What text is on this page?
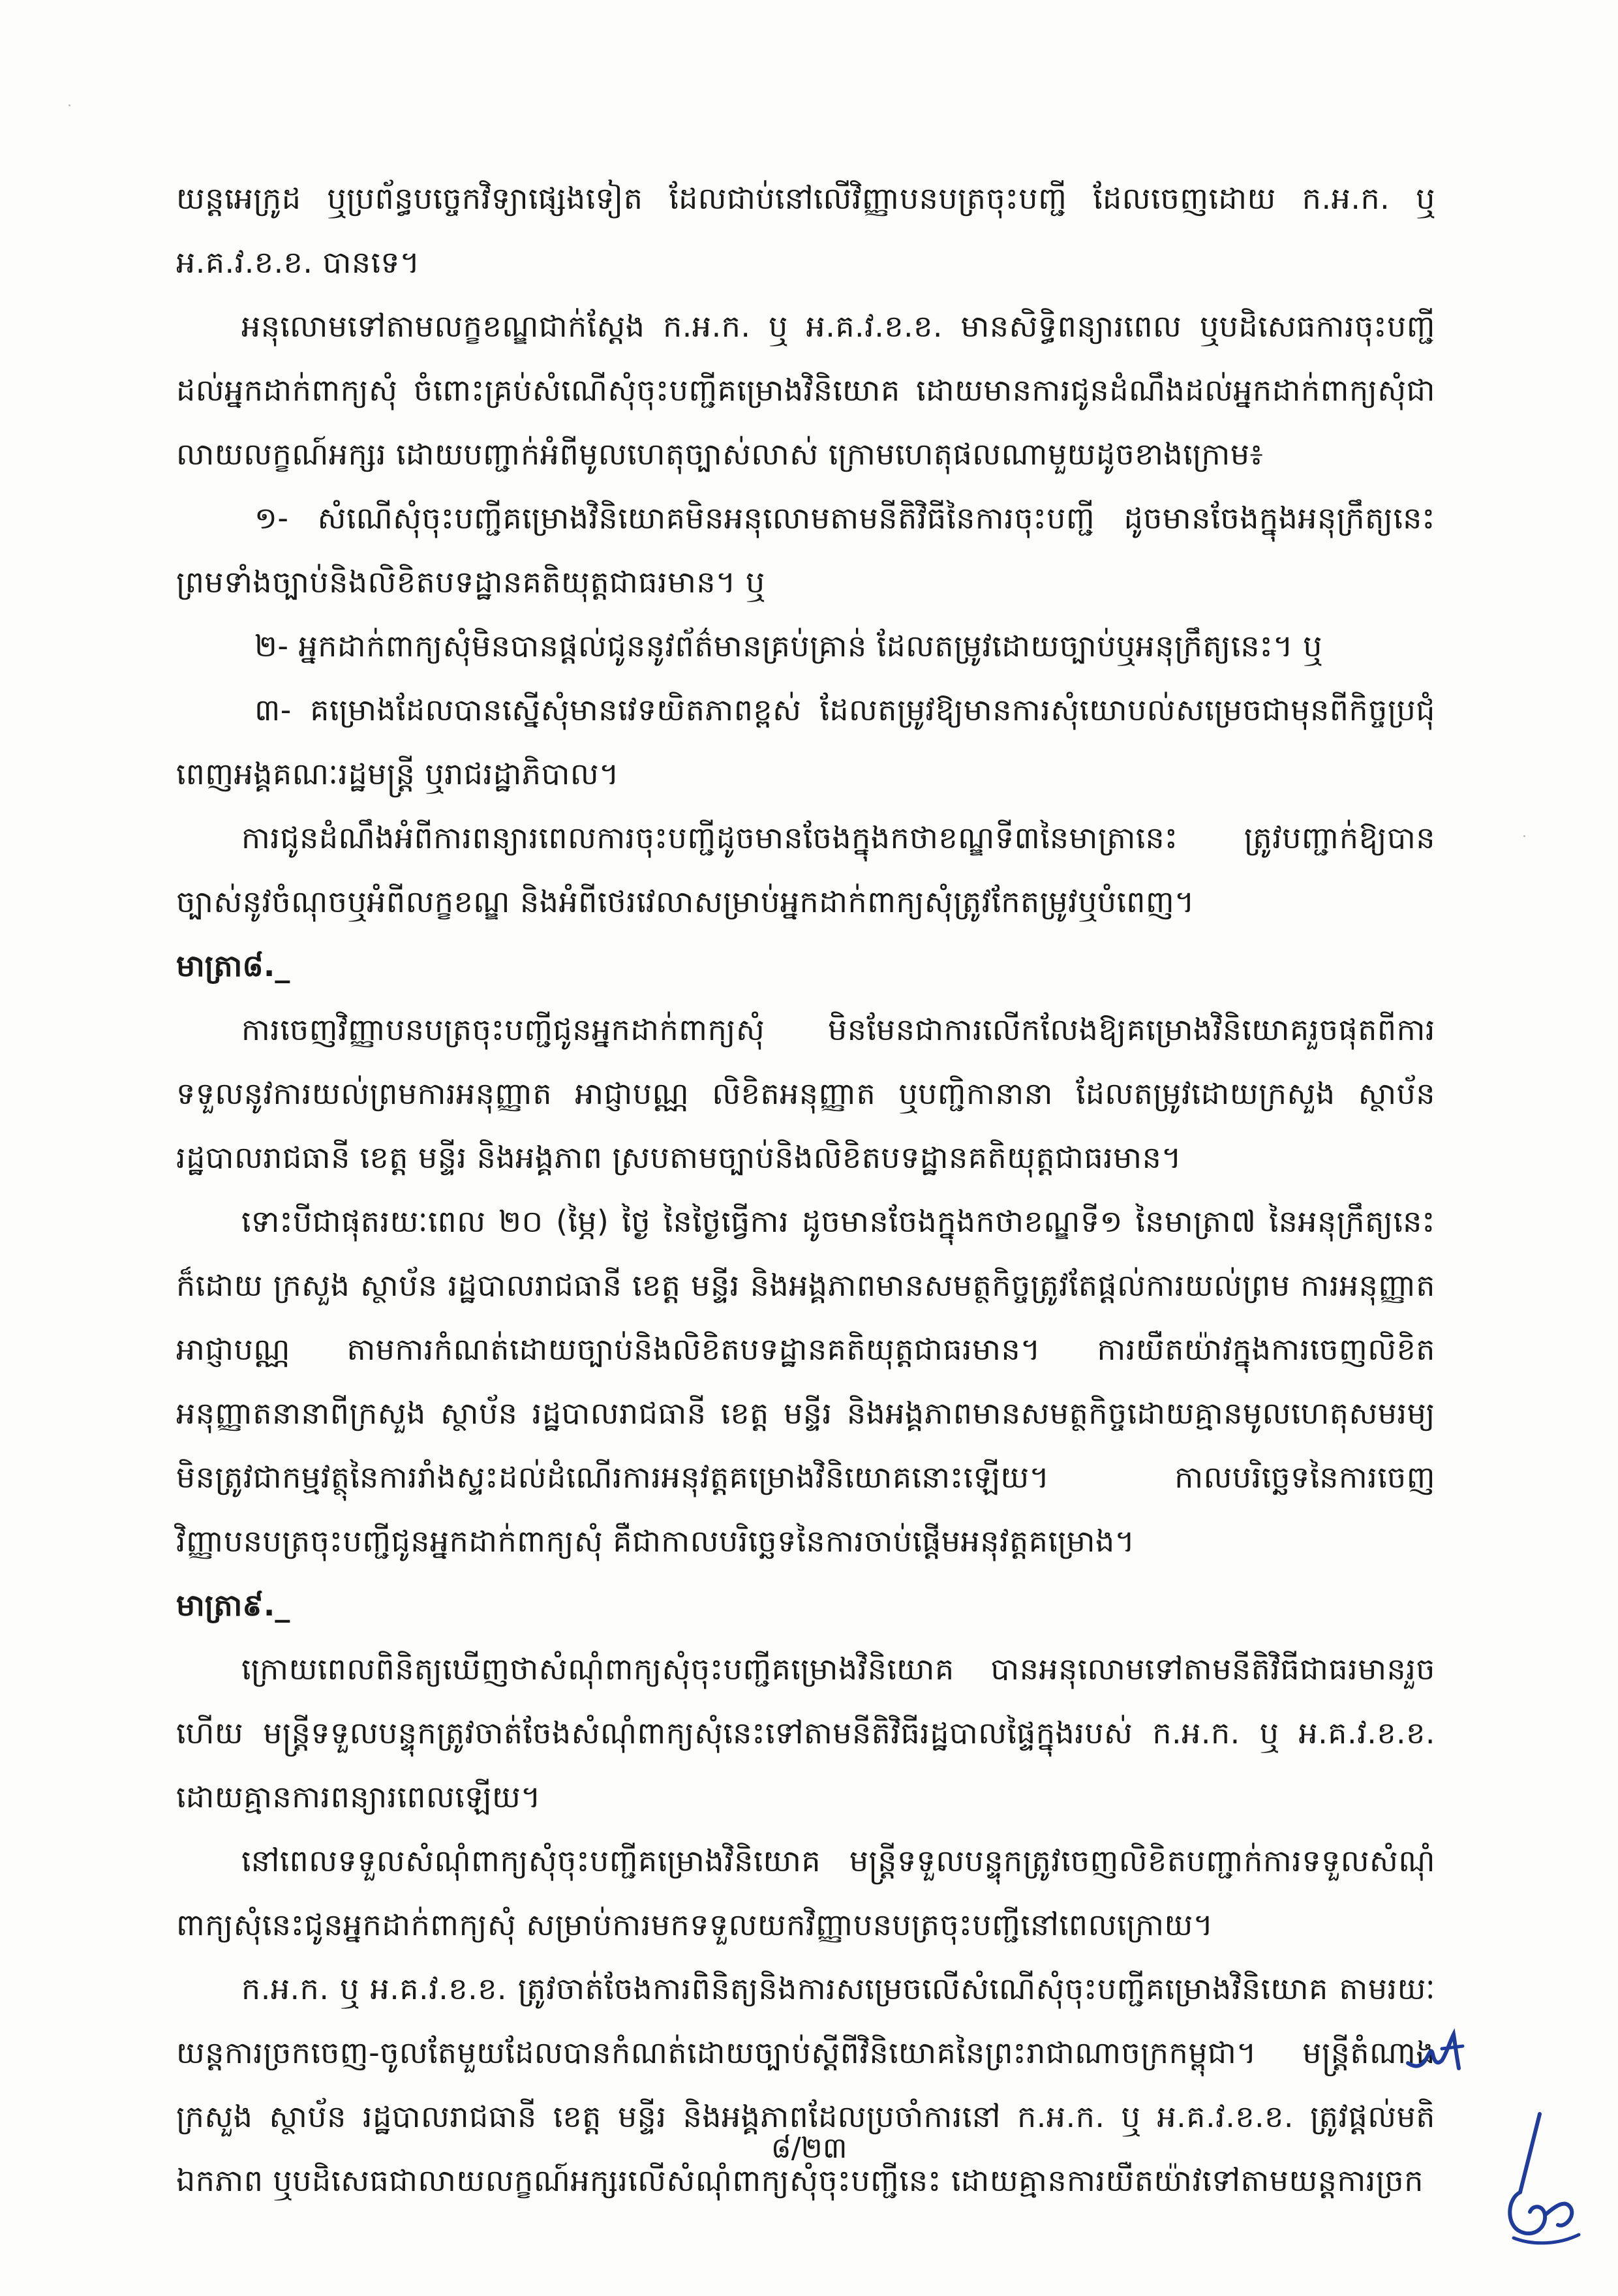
យន្តអេក្រូដ ឬប្រព័ន្ធបច្ចេកវិទ្យាផ្សេងទៀត ដែលជាប់នៅលើវិញ្ញាបនបត្រចុះបញ្ជី ដែលចេញដោយ ក.អ.ក. ឬ អ.គ.វ.ខ.ខ. បានទេ។

អនុលោមទៅតាមលក្ខខណ្ឌជាក់ស្តែង ក.អ.ក. ឬ អ.គ.វ.ខ.ខ. មានសិទ្ធិពន្យារពេល ឬបដិសេធការចុះបញ្ជី ដល់អ្នកដាក់ពាក្យសុំ ចំពោះគ្រប់សំណើសុំចុះបញ្ជីគម្រោងវិនិយោគ ដោយមានការជូនដំណឹងដល់អ្នកដាក់ពាក្យសុំជាលាយលក្ខណ៍អក្សរ ដោយបញ្ជាក់អំពីមូលហេតុច្បាស់លាស់ ក្រោមហេតុផលណាមួយដូចខាងក្រោម៖

១- សំណើសុំចុះបញ្ជីគម្រោងវិនិយោគមិនអនុលោមតាមនីតិវិធីនៃការចុះបញ្ជី ដូចមានចែងក្នុងអនុក្រឹត្យនេះ ព្រមទាំងច្បាប់និងលិខិតបទដ្ឋានគតិយុត្តជាធរមាន។ ឬ

២- អ្នកដាក់ពាក្យសុំមិនបានផ្តល់ជូននូវព័ត៌មានគ្រប់គ្រាន់ ដែលតម្រូវដោយច្បាប់ឬអនុក្រឹត្យនេះ។ ឬ

៣- គម្រោងដែលបានស្នើសុំមានវេទយិតភាពខ្ពស់ ដែលតម្រូវឱ្យមានការសុំយោបល់សម្រេចជាមុនពីកិច្ចប្រជុំពេញអង្គគណៈរដ្ឋមន្ត្រី ឬរាជរដ្ឋាភិបាល។

ការជូនដំណឹងអំពីការពន្យារពេលការចុះបញ្ជីដូចមានចែងក្នុងកថាខណ្ឌទី៣នៃមាត្រានេះ ត្រូវបញ្ជាក់ឱ្យបានច្បាស់នូវចំណុចឬអំពីលក្ខខណ្ឌ និងអំពីថេរវេលាសម្រាប់អ្នកដាក់ពាក្យសុំត្រូវកែតម្រូវឬបំពេញ។

មាត្រា៨._

ការចេញវិញ្ញាបនបត្រចុះបញ្ជីជូនអ្នកដាក់ពាក្យសុំ មិនមែនជាការលើកលែងឱ្យគម្រោងវិនិយោគរួចផុតពីការទទួលនូវការយល់ព្រមការអនុញ្ញាត អាជ្ញាបណ្ណ លិខិតអនុញ្ញាត ឬបញ្ជិកានានា ដែលតម្រូវដោយក្រសួង ស្ថាប័ន រដ្ឋបាលរាជធានី ខេត្ត មន្ទីរ និងអង្គភាព ស្របតាមច្បាប់និងលិខិតបទដ្ឋានគតិយុត្តជាធរមាន។

ទោះបីជាផុតរយៈពេល ២០ (ម្ភៃ) ថ្ងៃ នៃថ្ងៃធ្វើការ ដូចមានចែងក្នុងកថាខណ្ឌទី១ នៃមាត្រា៧ នៃអនុក្រឹត្យនេះក៏ដោយ ក្រសួង ស្ថាប័ន រដ្ឋបាលរាជធានី ខេត្ត មន្ទីរ និងអង្គភាពមានសមត្ថកិច្ចត្រូវតែផ្តល់ការយល់ព្រម ការអនុញ្ញាត អាជ្ញាបណ្ណ តាមការកំណត់ដោយច្បាប់និងលិខិតបទដ្ឋានគតិយុត្តជាធរមាន។ ការយឺតយ៉ាវក្នុងការចេញលិខិតអនុញ្ញាតនានាពីក្រសួង ស្ថាប័ន រដ្ឋបាលរាជធានី ខេត្ត មន្ទីរ និងអង្គភាពមានសមត្ថកិច្ចដោយគ្មានមូលហេតុសមរម្យ មិនត្រូវជាកម្មវត្ថុនៃការរាំងស្ទះដល់ដំណើរការអនុវត្តគម្រោងវិនិយោគនោះឡើយ។ កាលបរិច្ឆេទនៃការចេញវិញ្ញាបនបត្រចុះបញ្ជីជូនអ្នកដាក់ពាក្យសុំ គឺជាកាលបរិច្ឆេទនៃការចាប់ផ្តើមអនុវត្តគម្រោង។

មាត្រា៩._

ក្រោយពេលពិនិត្យឃើញថាសំណុំពាក្យសុំចុះបញ្ជីគម្រោងវិនិយោគ បានអនុលោមទៅតាមនីតិវិធីជាធរមានរួចហើយ មន្ត្រីទទួលបន្ទុកត្រូវចាត់ចែងសំណុំពាក្យសុំនេះទៅតាមនីតិវិធីរដ្ឋបាលផ្ទៃក្នុងរបស់ ក.អ.ក. ឬ អ.គ.វ.ខ.ខ. ដោយគ្មានការពន្យារពេលឡើយ។

នៅពេលទទួលសំណុំពាក្យសុំចុះបញ្ជីគម្រោងវិនិយោគ មន្ត្រីទទួលបន្ទុកត្រូវចេញលិខិតបញ្ជាក់ការទទួលសំណុំពាក្យសុំនេះជូនអ្នកដាក់ពាក្យសុំ សម្រាប់ការមកទទួលយកវិញ្ញាបនបត្រចុះបញ្ជីនៅពេលក្រោយ។

ក.អ.ក. ឬ អ.គ.វ.ខ.ខ. ត្រូវចាត់ចែងការពិនិត្យនិងការសម្រេចលើសំណើសុំចុះបញ្ជីគម្រោងវិនិយោគ តាមរយៈយន្តការច្រកចេញ-ចូលតែមួយដែលបានកំណត់ដោយច្បាប់ស្តីពីវិនិយោគនៃព្រះរាជាណាចក្រកម្ពុជា។ មន្ត្រីតំណាងក្រសួង ស្ថាប័ន រដ្ឋបាលរាជធានី ខេត្ត មន្ទីរ និងអង្គភាពដែលប្រចាំការនៅ ក.អ.ក. ឬ អ.គ.វ.ខ.ខ. ត្រូវផ្តល់មតិឯកភាព ឬបដិសេធជាលាយលក្ខណ៍អក្សរលើសំណុំពាក្យសុំចុះបញ្ជីនេះ ដោយគ្មានការយឺតយ៉ាវទៅតាមយន្តការច្រក

៨/២៣
